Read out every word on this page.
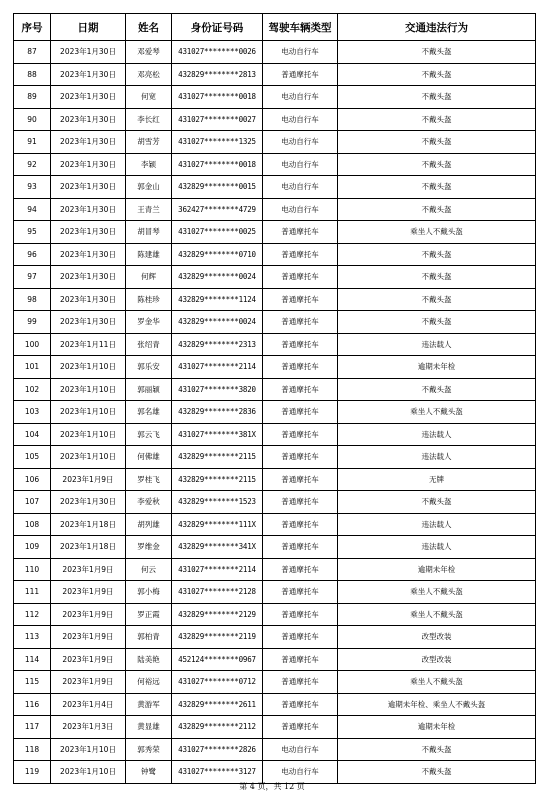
序号	日期	姓名	身份证号码	驾驶车辆类型	交通违法行为
87	2023年1月30日	邓爱琴	431027********0026	电动自行车	不戴头盔
88	2023年1月30日	邓亮松	432829********2813	普通摩托车	不戴头盔
89	2023年1月30日	何宽	431027********0018	电动自行车	不戴头盔
90	2023年1月30日	李长红	431027********0027	电动自行车	不戴头盔
91	2023年1月30日	胡雪芳	431027********1325	电动自行车	不戴头盔
92	2023年1月30日	李颖	431027********0018	电动自行车	不戴头盔
93	2023年1月30日	郭金山	432829********0015	电动自行车	不戴头盔
94	2023年1月30日	王青兰	362427********4729	电动自行车	不戴头盔
95	2023年1月30日	胡冒琴	431027********0025	普通摩托车	乘坐人不戴头盔
96	2023年1月30日	陈建雄	432829********0710	普通摩托车	不戴头盔
97	2023年1月30日	何辉	432829********0024	普通摩托车	不戴头盔
98	2023年1月30日	陈桂珍	432829********1124	普通摩托车	不戴头盔
99	2023年1月30日	罗金华	432829********0024	普通摩托车	不戴头盔
100	2023年1月11日	张绍青	432829********2313	普通摩托车	违法载人
101	2023年1月10日	郭乐安	431027********2114	普通摩托车	逾期未年检
102	2023年1月10日	郭丽颖	431027********3820	普通摩托车	不戴头盔
103	2023年1月10日	郭名雄	432829********2836	普通摩托车	乘坐人不戴头盔
104	2023年1月10日	郭云飞	431027********381X	普通摩托车	违法载人
105	2023年1月10日	何佛雄	432829********2115	普通摩托车	违法载人
106	2023年1月9日	罗桂飞	432829********2115	普通摩托车	无牌
107	2023年1月30日	李爱秋	432829********1523	普通摩托车	不戴头盔
108	2023年1月18日	胡列雄	432829********111X	普通摩托车	违法载人
109	2023年1月18日	罗维金	432829********341X	普通摩托车	违法载人
110	2023年1月9日	何云	431027********2114	普通摩托车	逾期未年检
111	2023年1月9日	郭小梅	431027********2128	普通摩托车	乘坐人不戴头盔
112	2023年1月9日	罗正霞	432829********2129	普通摩托车	乘坐人不戴头盔
113	2023年1月9日	郭柏青	432829********2119	普通摩托车	改型改装
114	2023年1月9日	陆美艳	452124********0967	普通摩托车	改型改装
115	2023年1月9日	何裕远	431027********0712	普通摩托车	乘坐人不戴头盔
116	2023年1月4日	黄游军	432829********2611	普通摩托车	逾期未年检、乘坐人不戴头盔
117	2023年1月3日	黄显雄	432829********2112	普通摩托车	逾期未年检
118	2023年1月10日	郭秀荣	431027********2826	电动自行车	不戴头盔
119	2023年1月10日	钟鹭	431027********3127	电动自行车	不戴头盔
第 4 页，共 12 页
